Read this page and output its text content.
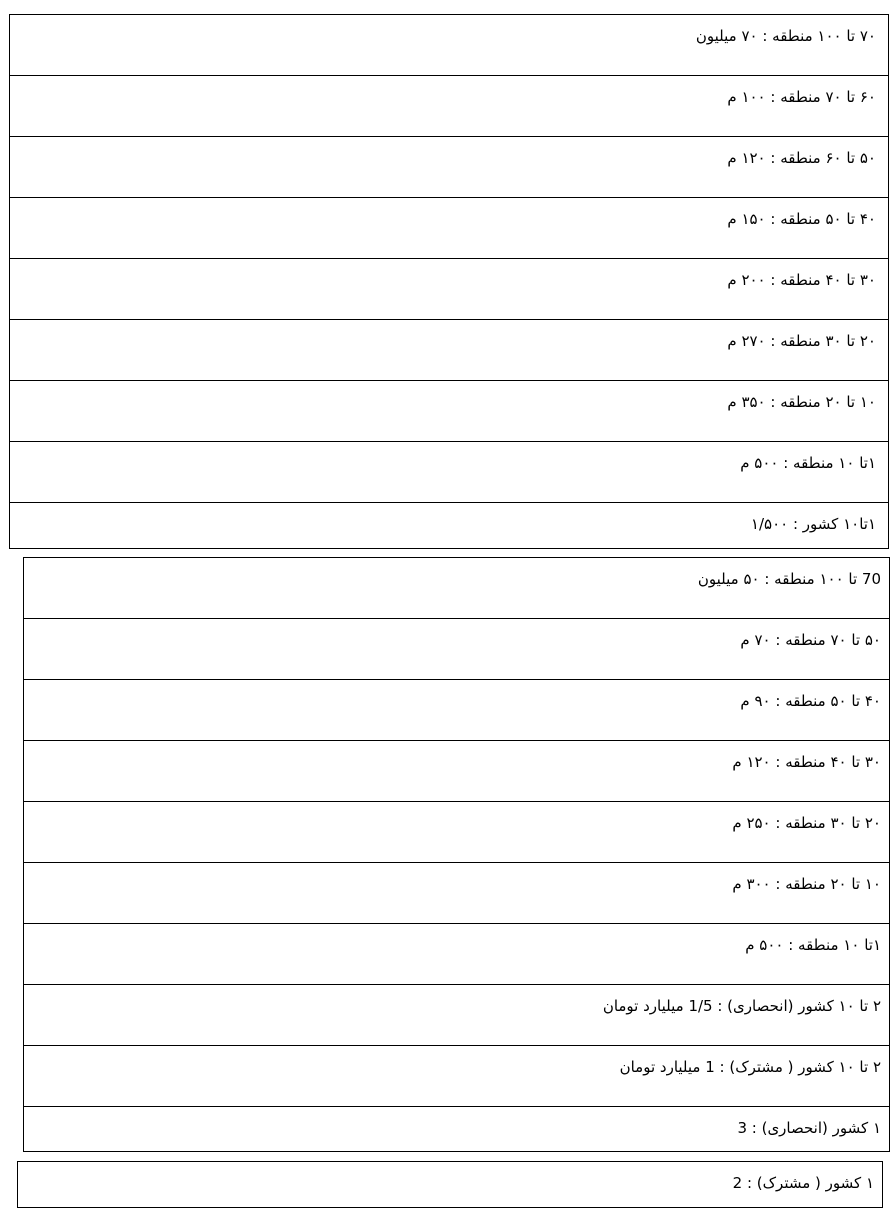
۷۰ تا ۱۰۰ منطقه : ۷۰ میلیون
۶۰ تا ۷۰ منطقه : ۱۰۰ م
۵۰ تا ۶۰ منطقه : ۱۲۰ م
۴۰ تا ۵۰ منطقه : ۱۵۰ م
۳۰ تا ۴۰ منطقه : ۲۰۰ م
۲۰ تا ۳۰ منطقه : ۲۷۰ م
۱۰ تا ۲۰ منطقه : ۳۵۰ م
۱تا ۱۰ منطقه : ۵۰۰ م
۱تا۱۰ کشور : ۱/۵۰۰
70 تا ۱۰۰ منطقه : ۵۰ میلیون
۵۰ تا ۷۰ منطقه : ۷۰ م
۴۰ تا ۵۰ منطقه : ۹۰ م
۳۰ تا ۴۰ منطقه : ۱۲۰ م
۲۰ تا ۳۰ منطقه : ۲۵۰ م
۱۰ تا ۲۰ منطقه : ۳۰۰ م
۱تا ۱۰ منطقه : ۵۰۰ م
۲ تا ۱۰ کشور (انحصاری) : 1/5 میلیارد تومان
۲ تا ۱۰ کشور ( مشترک) : 1 میلیارد تومان
۱ کشور (انحصاری) : 3
۱ کشور ( مشترک) : 2
